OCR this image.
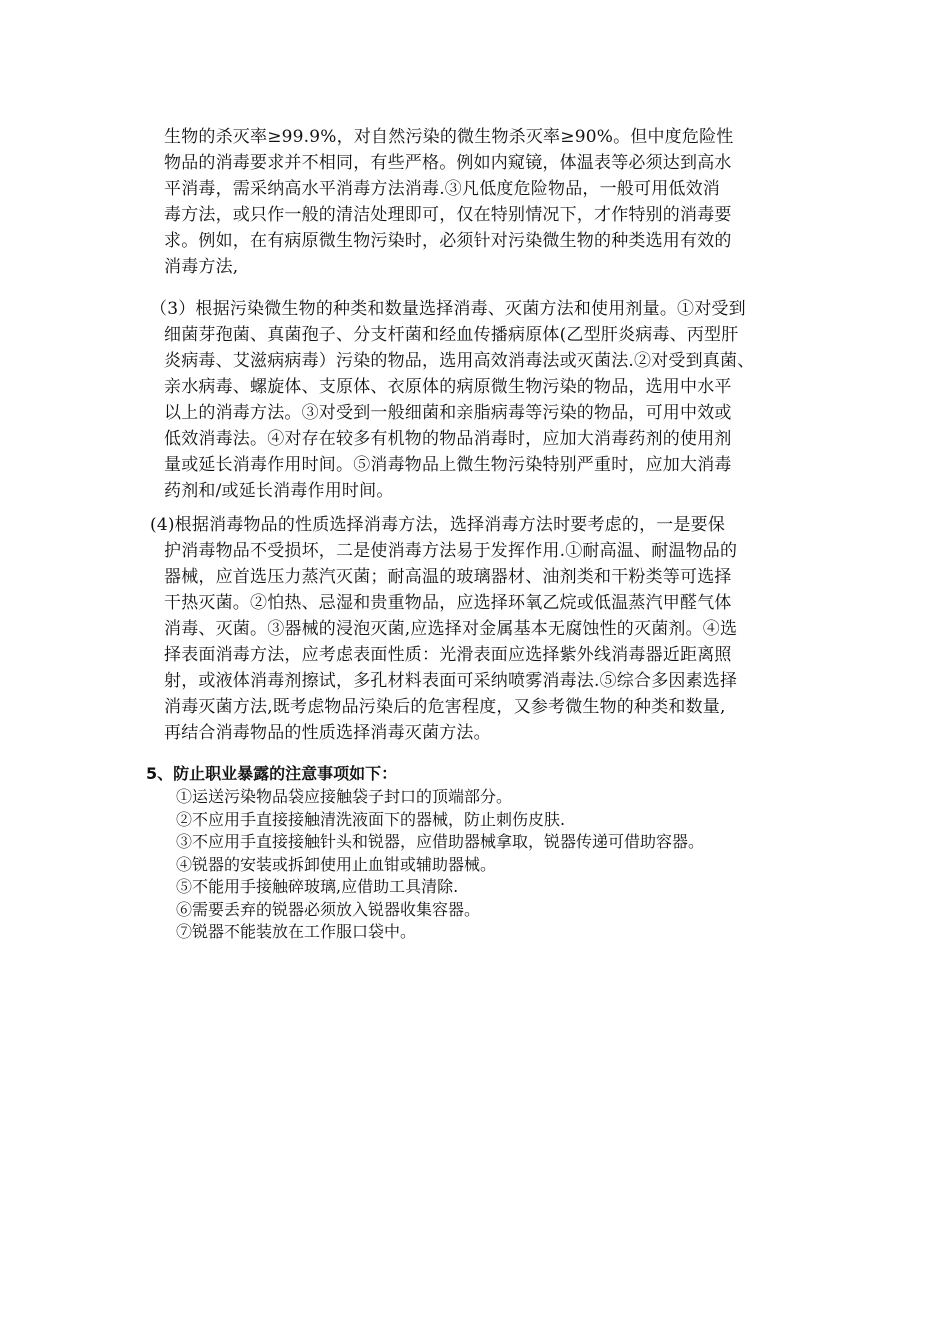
生物的杀灭率≥99.9%，对自然污染的微生物杀灭率≥90%。但中度危险性
物品的消毒要求并不相同，有些严格。例如内窥镜，体温表等必须达到高水
平消毒，需采纳高水平消毒方法消毒.③凡低度危险物品，一般可用低效消
毒方法，或只作一般的清洁处理即可，仅在特别情况下，才作特别的消毒要
求。例如，在有病原微生物污染时，必须针对污染微生物的种类选用有效的
消毒方法,
（3）根据污染微生物的种类和数量选择消毒、灭菌方法和使用剂量。①对受到
细菌芽孢菌、真菌孢子、分支杆菌和经血传播病原体(乙型肝炎病毒、丙型肝
炎病毒、艾滋病病毒）污染的物品，选用高效消毒法或灭菌法.②对受到真菌、
亲水病毒、螺旋体、支原体、衣原体的病原微生物污染的物品，选用中水平
以上的消毒方法。③对受到一般细菌和亲脂病毒等污染的物品，可用中效或
低效消毒法。④对存在较多有机物的物品消毒时，应加大消毒药剂的使用剂
量或延长消毒作用时间。⑤消毒物品上微生物污染特别严重时，应加大消毒
药剂和/或延长消毒作用时间。
(4)根据消毒物品的性质选择消毒方法，选择消毒方法时要考虑的，一是要保
护消毒物品不受损坏，二是使消毒方法易于发挥作用.①耐高温、耐温物品的
器械，应首选压力蒸汽灭菌；耐高温的玻璃器材、油剂类和干粉类等可选择
干热灭菌。②怕热、忌湿和贵重物品，应选择环氧乙烷或低温蒸汽甲醛气体
消毒、灭菌。③器械的浸泡灭菌,应选择对金属基本无腐蚀性的灭菌剂。④选
择表面消毒方法，应考虑表面性质：光滑表面应选择紫外线消毒器近距离照
射，或液体消毒剂擦试，多孔材料表面可采纳喷雾消毒法.⑤综合多因素选择
消毒灭菌方法,既考虑物品污染后的危害程度，又参考微生物的种类和数量,
再结合消毒物品的性质选择消毒灭菌方法。
5、防止职业暴露的注意事项如下：
①运送污染物品袋应接触袋子封口的顶端部分。
②不应用手直接接触清洗液面下的器械，防止刺伤皮肤.
③不应用手直接接触针头和锐器，应借助器械拿取，锐器传递可借助容器。
④锐器的安装或拆卸使用止血钳或辅助器械。
⑤不能用手接触碎玻璃,应借助工具清除.
⑥需要丢弃的锐器必须放入锐器收集容器。
⑦锐器不能装放在工作服口袋中。
